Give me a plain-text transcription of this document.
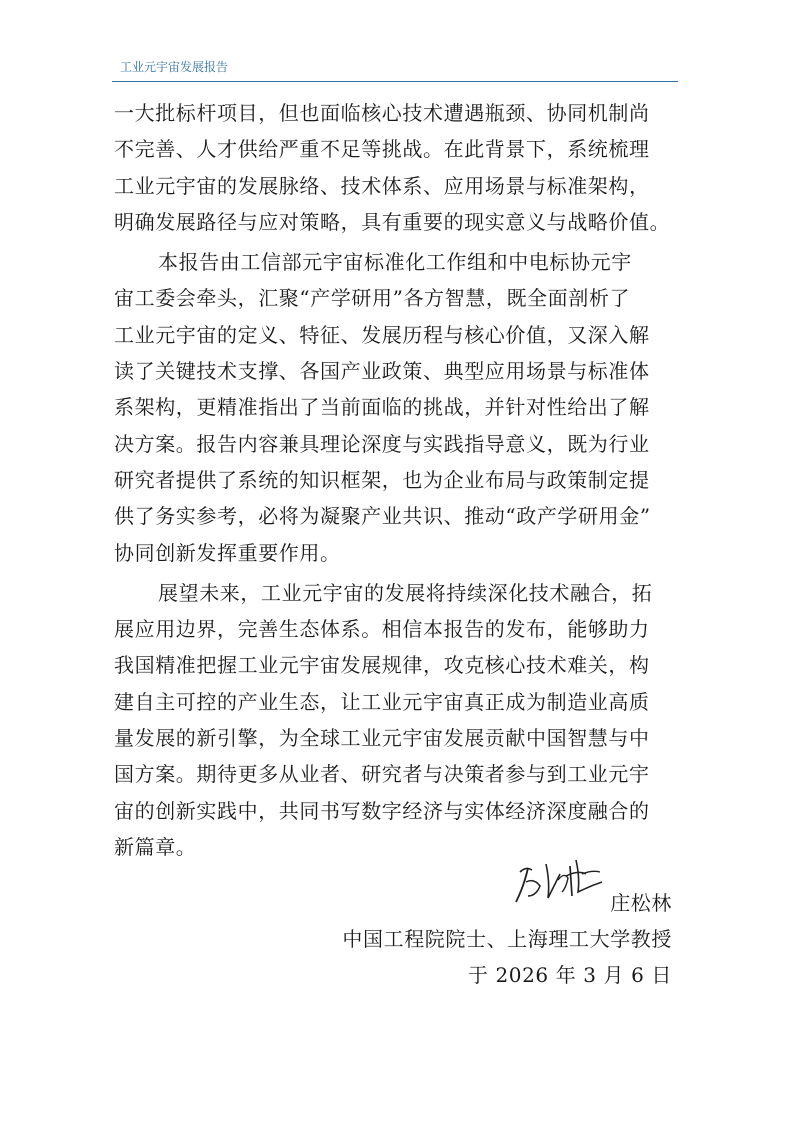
工业元宇宙发展报告
一大批标杆项目，但也面临核心技术遭遇瓶颈、协同机制尚
不完善、人才供给严重不足等挑战。在此背景下，系统梳理
工业元宇宙的发展脉络、技术体系、应用场景与标准架构，
明确发展路径与应对策略，具有重要的现实意义与战略价值。
本报告由工信部元宇宙标准化工作组和中电标协元宇
宙工委会牵头，汇聚“产学研用”各方智慧，既全面剖析了
工业元宇宙的定义、特征、发展历程与核心价值，又深入解
读了关键技术支撑、各国产业政策、典型应用场景与标准体
系架构，更精准指出了当前面临的挑战，并针对性给出了解
决方案。报告内容兼具理论深度与实践指导意义，既为行业
研究者提供了系统的知识框架，也为企业布局与政策制定提
供了务实参考，必将为凝聚产业共识、推动“政产学研用金”
协同创新发挥重要作用。
展望未来，工业元宇宙的发展将持续深化技术融合，拓
展应用边界，完善生态体系。相信本报告的发布，能够助力
我国精准把握工业元宇宙发展规律，攻克核心技术难关，构
建自主可控的产业生态，让工业元宇宙真正成为制造业高质
量发展的新引擎，为全球工业元宇宙发展贡献中国智慧与中
国方案。期待更多从业者、研究者与决策者参与到工业元宇
宙的创新实践中，共同书写数字经济与实体经济深度融合的
新篇章。
庄松林
中国工程院院士、上海理工大学教授
于 2026 年 3 月 6 日
